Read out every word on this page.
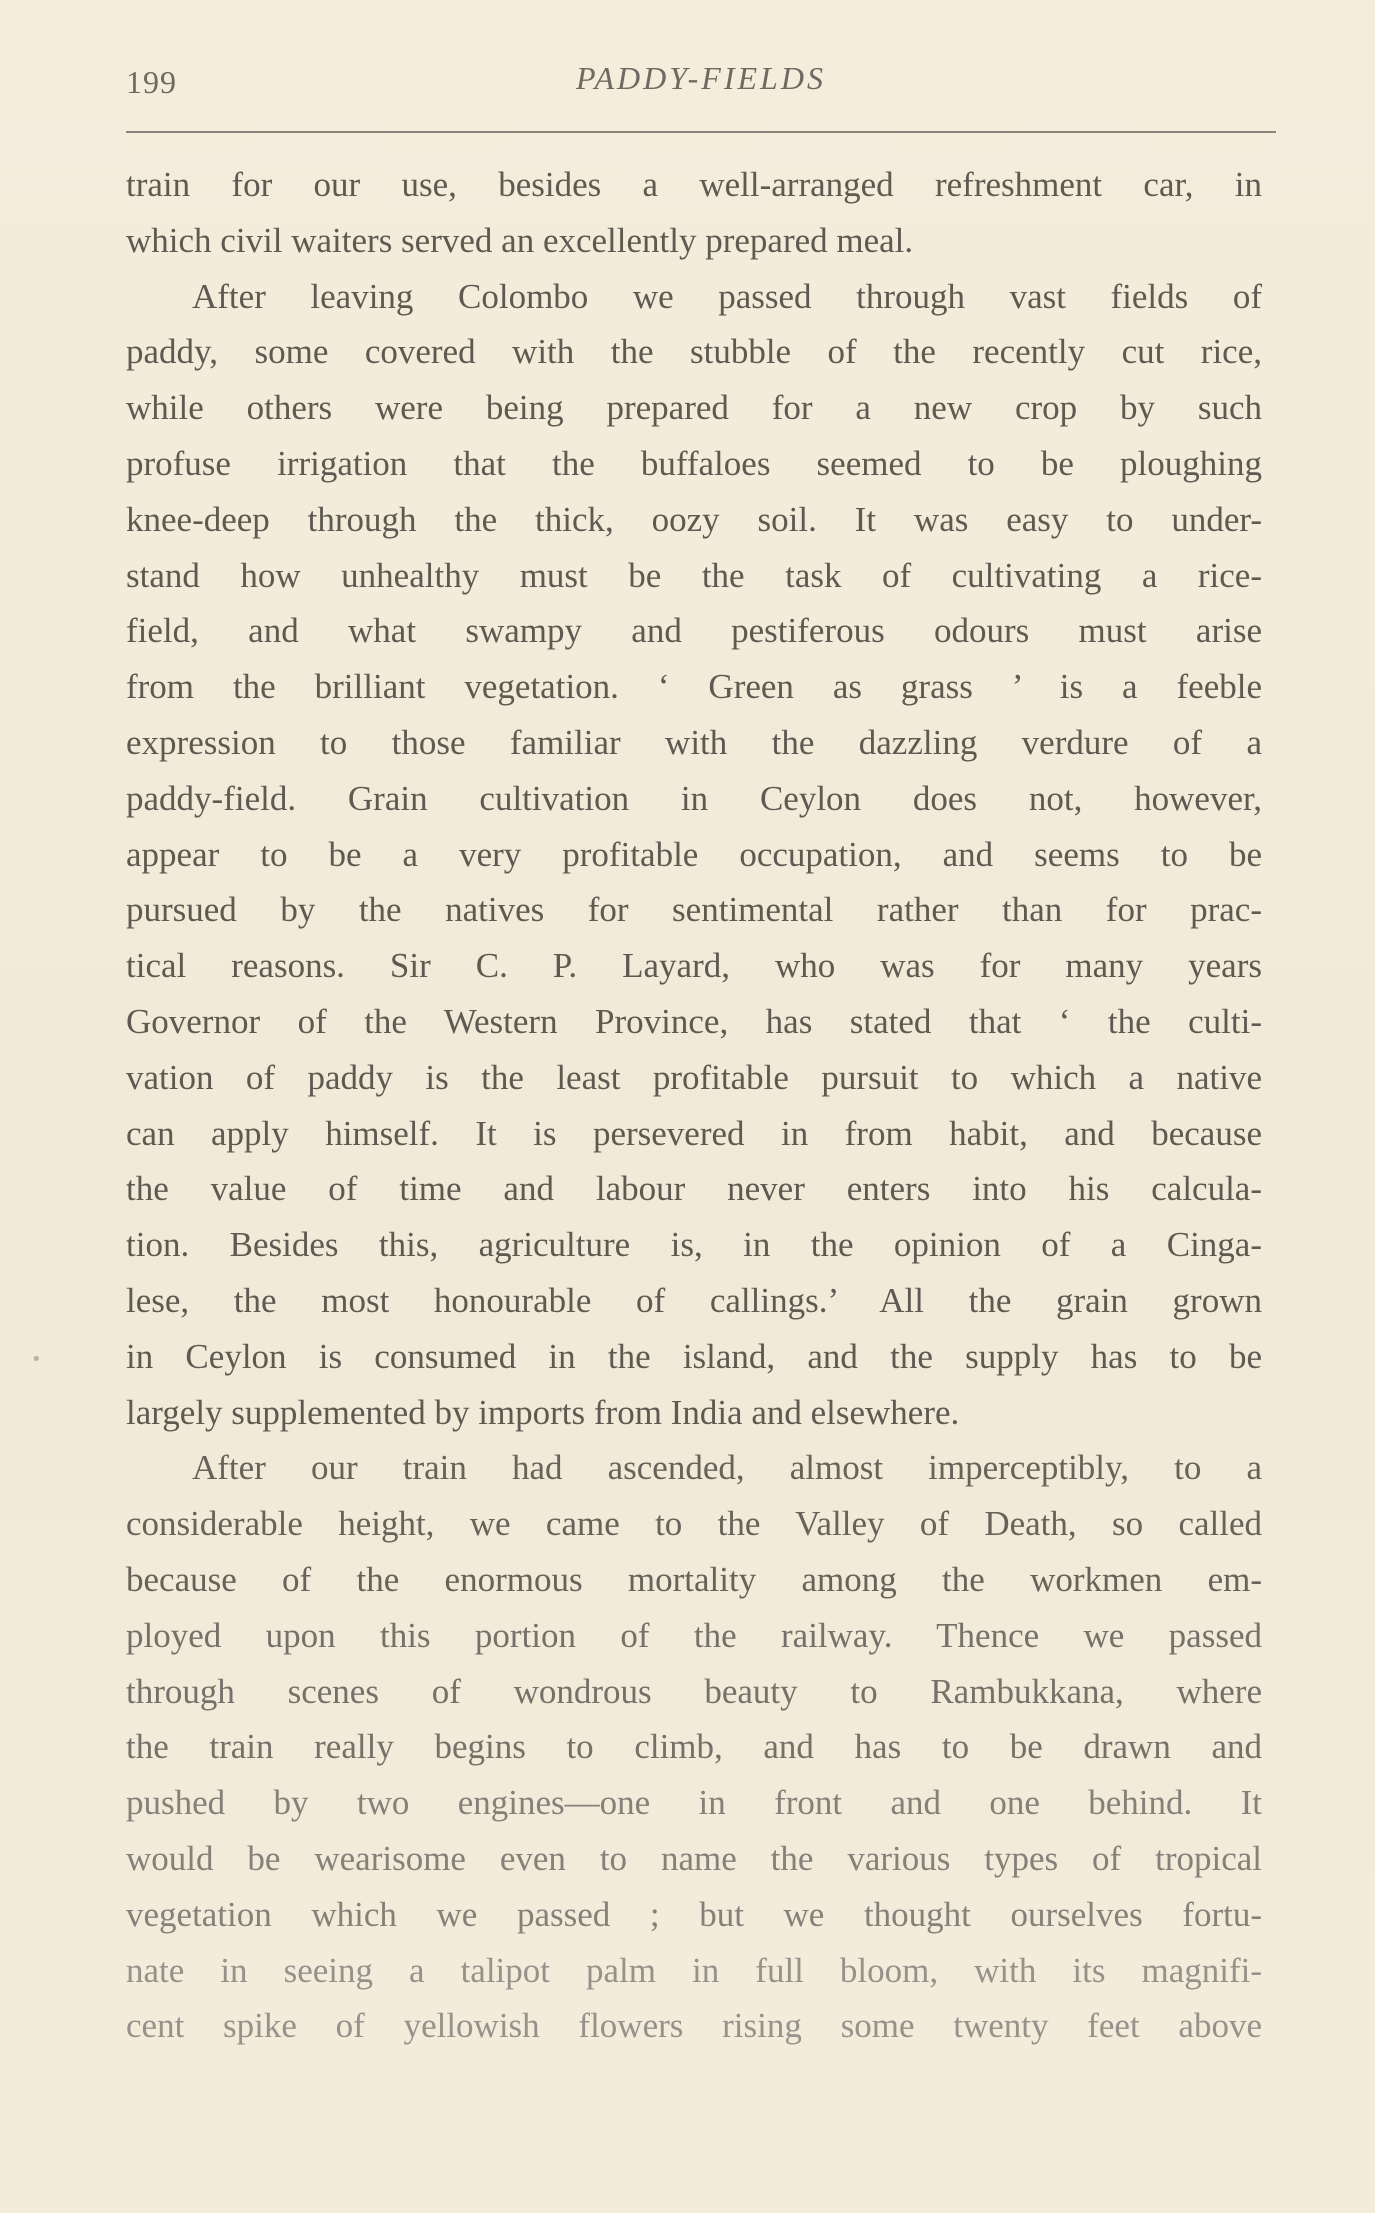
199	PADDY-FIELDS
•
train for our use, besides a well-arranged refreshment car, in
which civil waiters served an excellently prepared meal.
After leaving Colombo we passed through vast fields of
paddy, some covered with the stubble of the recently cut rice,
while others were being prepared for a new crop by such
profuse irrigation that the buffaloes seemed to be ploughing
knee-deep through the thick, oozy soil. It was easy to under-
stand how unhealthy must be the task of cultivating a rice-
field, and what swampy and pestiferous odours must arise
from the brilliant vegetation. ‘ Green as grass ’ is a feeble
expression to those familiar with the dazzling verdure of a
paddy-field. Grain cultivation in Ceylon does not, however,
appear to be a very profitable occupation, and seems to be
pursued by the natives for sentimental rather than for prac-
tical reasons. Sir C. P. Layard, who was for many years
Governor of the Western Province, has stated that ‘ the culti-
vation of paddy is the least profitable pursuit to which a native
can apply himself. It is persevered in from habit, and because
the value of time and labour never enters into his calcula-
tion. Besides this, agriculture is, in the opinion of a Cinga-
lese, the most honourable of callings.’ All the grain grown
in Ceylon is consumed in the island, and the supply has to be
largely supplemented by imports from India and elsewhere.
After our train had ascended, almost imperceptibly, to a
considerable height, we came to the Valley of Death, so called
because of the enormous mortality among the workmen em-
ployed upon this portion of the railway. Thence we passed
through scenes of wondrous beauty to Rambukkana, where
the train really begins to climb, and has to be drawn and
pushed by two engines—one in front and one behind. It
would be wearisome even to name the various types of tropical
vegetation which we passed ; but we thought ourselves fortu-
nate in seeing a talipot palm in full bloom, with its magnifi-
cent spike of yellowish flowers rising some twenty feet above
